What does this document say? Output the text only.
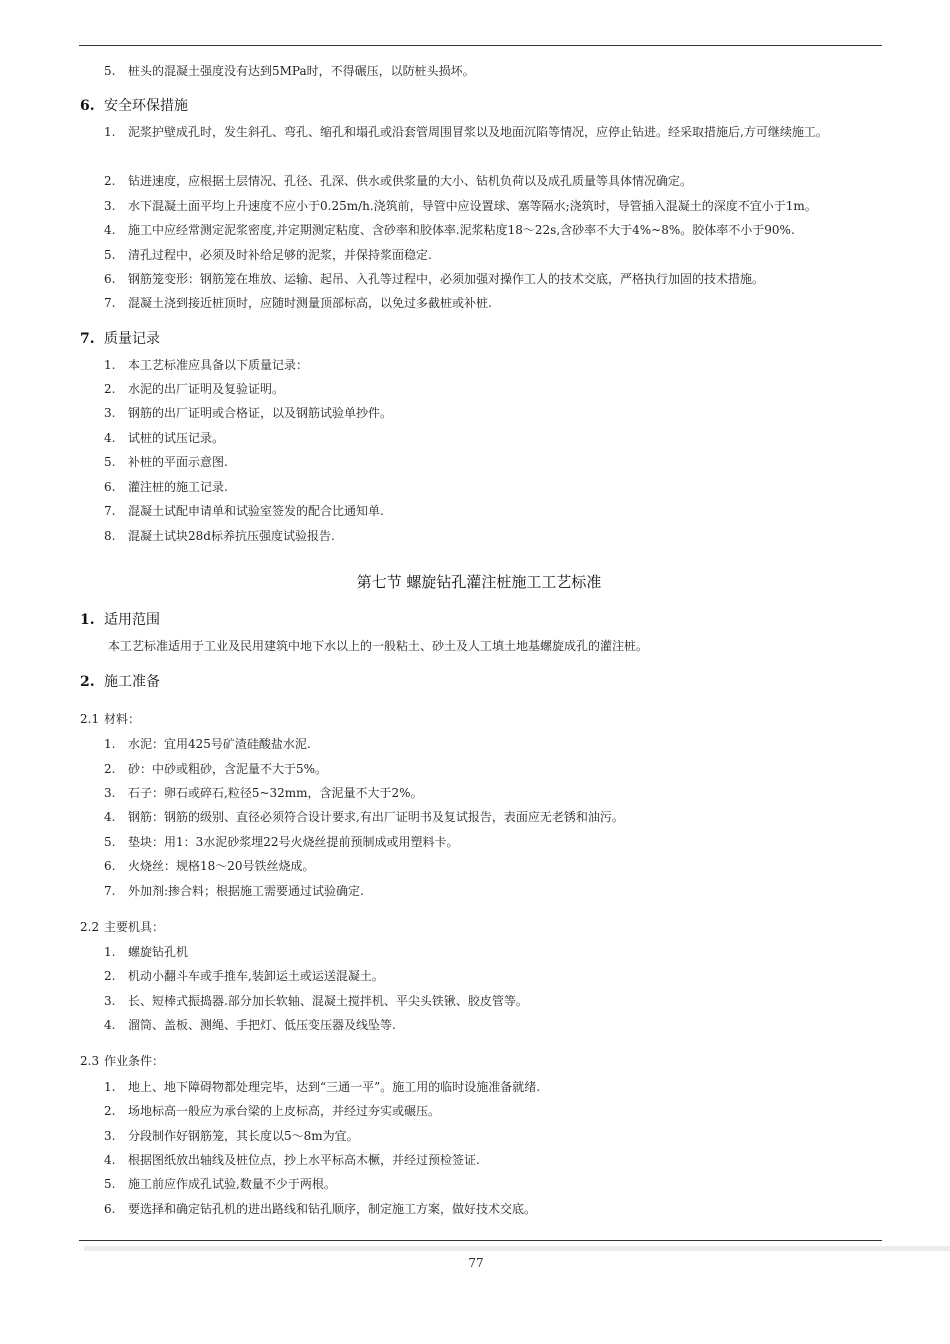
5. 桩头的混凝土强度没有达到5MPa时，不得碾压，以防桩头损坏。
6. 安全环保措施
1.	泥浆护壁成孔时，发生斜孔、弯孔、缩孔和塌孔或沿套管周围冒浆以及地面沉陷等情况，应停止钻进。经采取措施后,方可继续施工。
2. 钻进速度，应根据土层情况、孔径、孔深、供水或供浆量的大小、钻机负荷以及成孔质量等具体情况确定。
3. 水下混凝土面平均上升速度不应小于0.25m/h.浇筑前，导管中应设置球、塞等隔水;浇筑时，导管插入混凝土的深度不宜小于1m。
4. 施工中应经常测定泥浆密度,并定期测定粘度、含砂率和胶体率.泥浆粘度18～22s,含砂率不大于4%~8%。胶体率不小于90%.
5. 清孔过程中，必须及时补给足够的泥浆，并保持浆面稳定.
6. 钢筋笼变形：钢筋笼在堆放、运输、起吊、入孔等过程中，必须加强对操作工人的技术交底，严格执行加固的技术措施。
7. 混凝土浇到接近桩顶时，应随时测量顶部标高，以免过多截桩或补桩.
7. 质量记录
1. 本工艺标准应具备以下质量记录：
2. 水泥的出厂证明及复验证明。
3. 钢筋的出厂证明或合格证，以及钢筋试验单抄件。
4. 试桩的试压记录。
5. 补桩的平面示意图.
6. 灌注桩的施工记录.
7. 混凝土试配申请单和试验室签发的配合比通知单.
8. 混凝土试块28d标养抗压强度试验报告.
第七节 螺旋钻孔灌注桩施工工艺标准
1. 适用范围
本工艺标准适用于工业及民用建筑中地下水以上的一般粘土、砂土及人工填土地基螺旋成孔的灌注桩。
2. 施工准备
2.1 材料：
1. 水泥：宜用425号矿渣硅酸盐水泥.
2. 砂：中砂或粗砂，含泥量不大于5%。
3. 石子：卵石或碎石,粒径5~32mm，含泥量不大于2%。
4. 钢筋：钢筋的级别、直径必须符合设计要求,有出厂证明书及复试报告，表面应无老锈和油污。
5. 垫块：用1：3水泥砂浆埋22号火烧丝提前预制成或用塑料卡。
6. 火烧丝：规格18～20号铁丝烧成。
7. 外加剂:掺合料；根据施工需要通过试验确定.
2.2 主要机具：
1. 螺旋钻孔机
2. 机动小翻斗车或手推车,装卸运土或运送混凝土。
3. 长、短棒式振捣器.部分加长软轴、混凝土搅拌机、平尖头铁锹、胶皮管等。
4. 溜筒、盖板、测绳、手把灯、低压变压器及线坠等.
2.3 作业条件：
1. 地上、地下障碍物都处理完毕，达到“三通一平”。施工用的临时设施准备就绪.
2. 场地标高一般应为承台梁的上皮标高，并经过夯实或碾压。
3. 分段制作好钢筋笼，其长度以5～8m为宜。
4. 根据图纸放出轴线及桩位点，抄上水平标高木橛，并经过预检签证.
5. 施工前应作成孔试验,数量不少于两根。
6. 要选择和确定钻孔机的进出路线和钻孔顺序，制定施工方案，做好技术交底。
77
